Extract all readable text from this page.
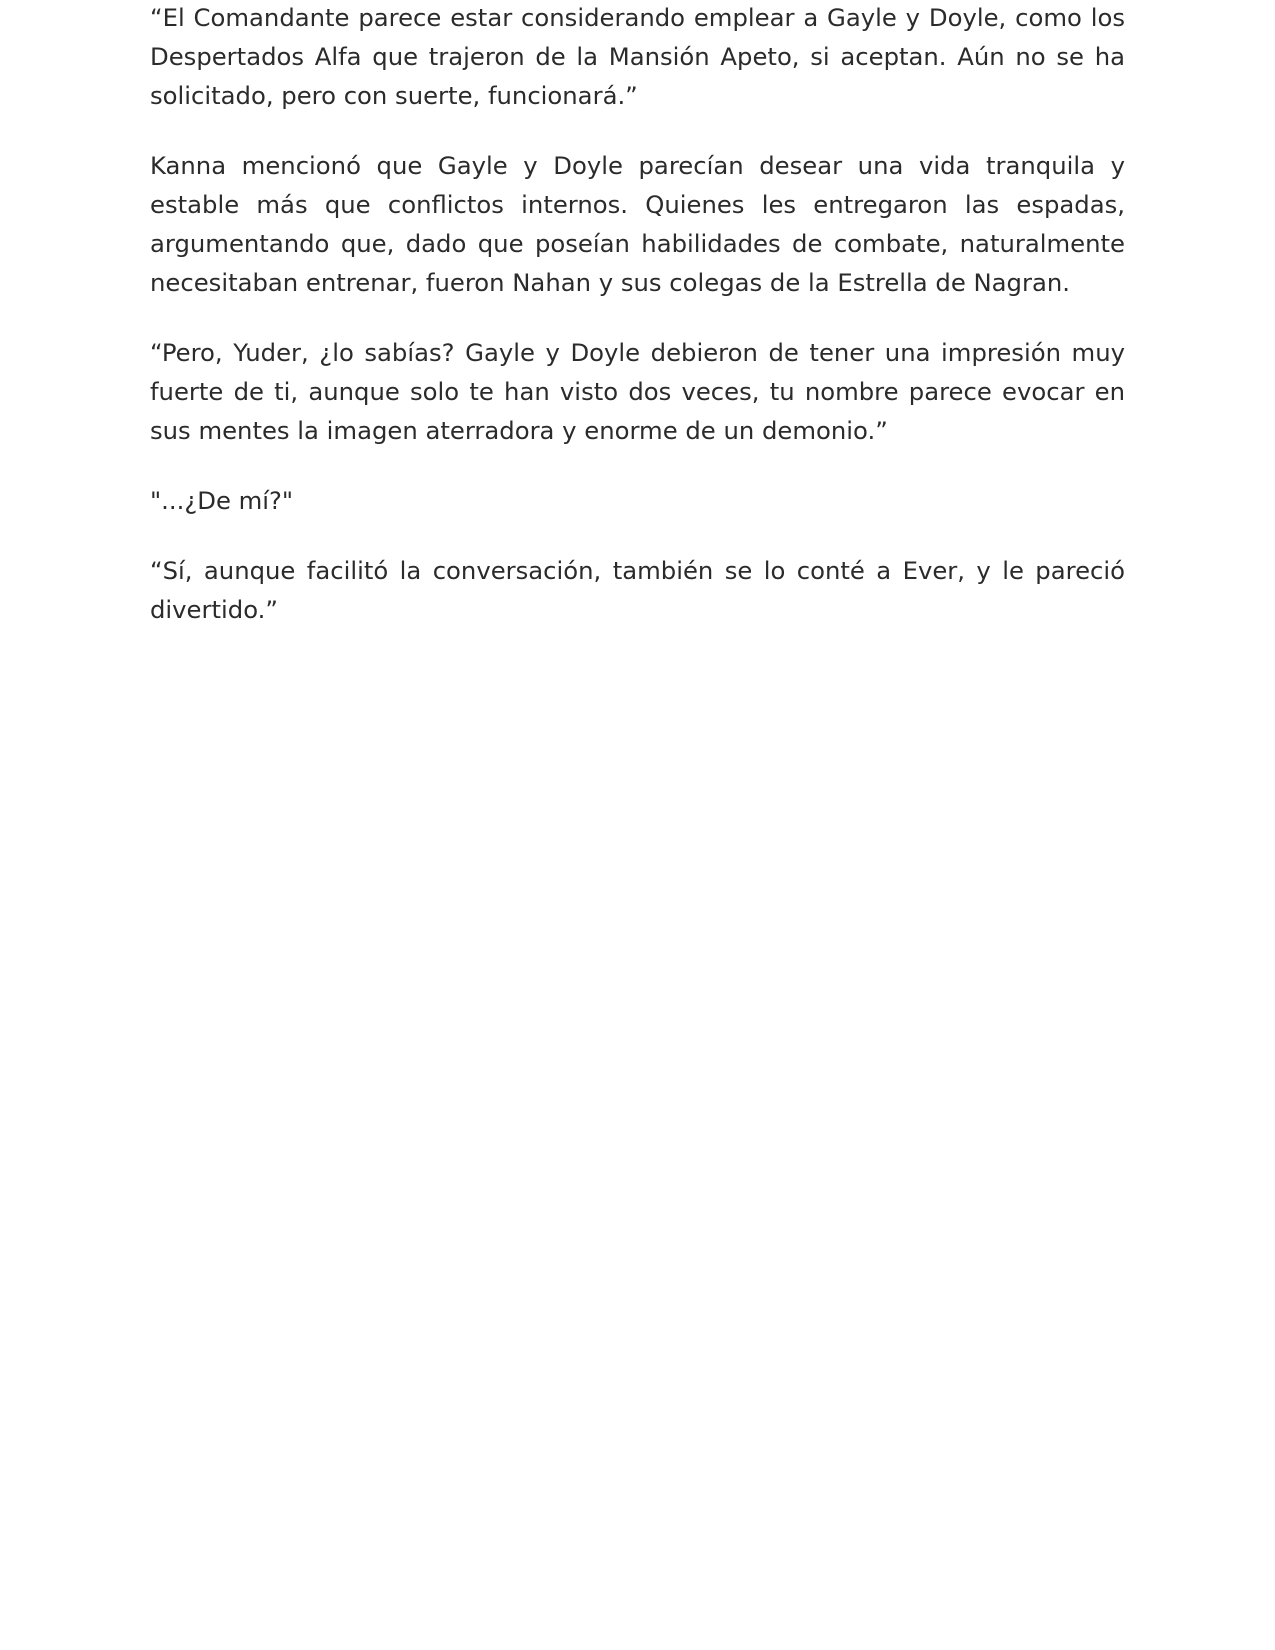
“El Comandante parece estar considerando emplear a Gayle y Doyle, como los Despertados Alfa que trajeron de la Mansión Apeto, si aceptan. Aún no se ha solicitado, pero con suerte, funcionará.”

Kanna mencionó que Gayle y Doyle parecían desear una vida tranquila y estable más que conflictos internos. Quienes les entregaron las espadas, argumentando que, dado que poseían habilidades de combate, naturalmente necesitaban entrenar, fueron Nahan y sus colegas de la Estrella de Nagran.

“Pero, Yuder, ¿lo sabías? Gayle y Doyle debieron de tener una impresión muy fuerte de ti, aunque solo te han visto dos veces, tu nombre parece evocar en sus mentes la imagen aterradora y enorme de un demonio.”

"...¿De mí?"

“Sí, aunque facilitó la conversación, también se lo conté a Ever, y le pareció divertido.”
